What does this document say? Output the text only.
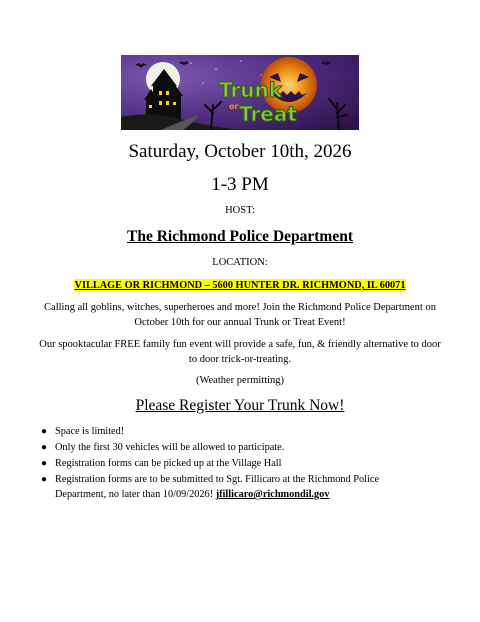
Trunk
Treat
or
Saturday, October 10th, 2026
1-3 PM
HOST:
The Richmond Police Department
LOCATION:
VILLAGE OR RICHMOND – 5600 HUNTER DR. RICHMOND, IL 60071
Calling all goblins, witches, superheroes and more! Join the Richmond Police Department on October 10th for our annual Trunk or Treat Event!
Our spooktacular FREE family fun event will provide a safe, fun, & friendly alternative to door to door trick-or-treating.
(Weather permitting)
Please Register Your Trunk Now!
● Space is limited!
● Only the first 30 vehicles will be allowed to participate.
● Registration forms can be picked up at the Village Hall
● Registration forms are to be submitted to Sgt. Fillicaro at the Richmond Police Department, no later than 10/09/2026! jfillicaro@richmondil.gov
